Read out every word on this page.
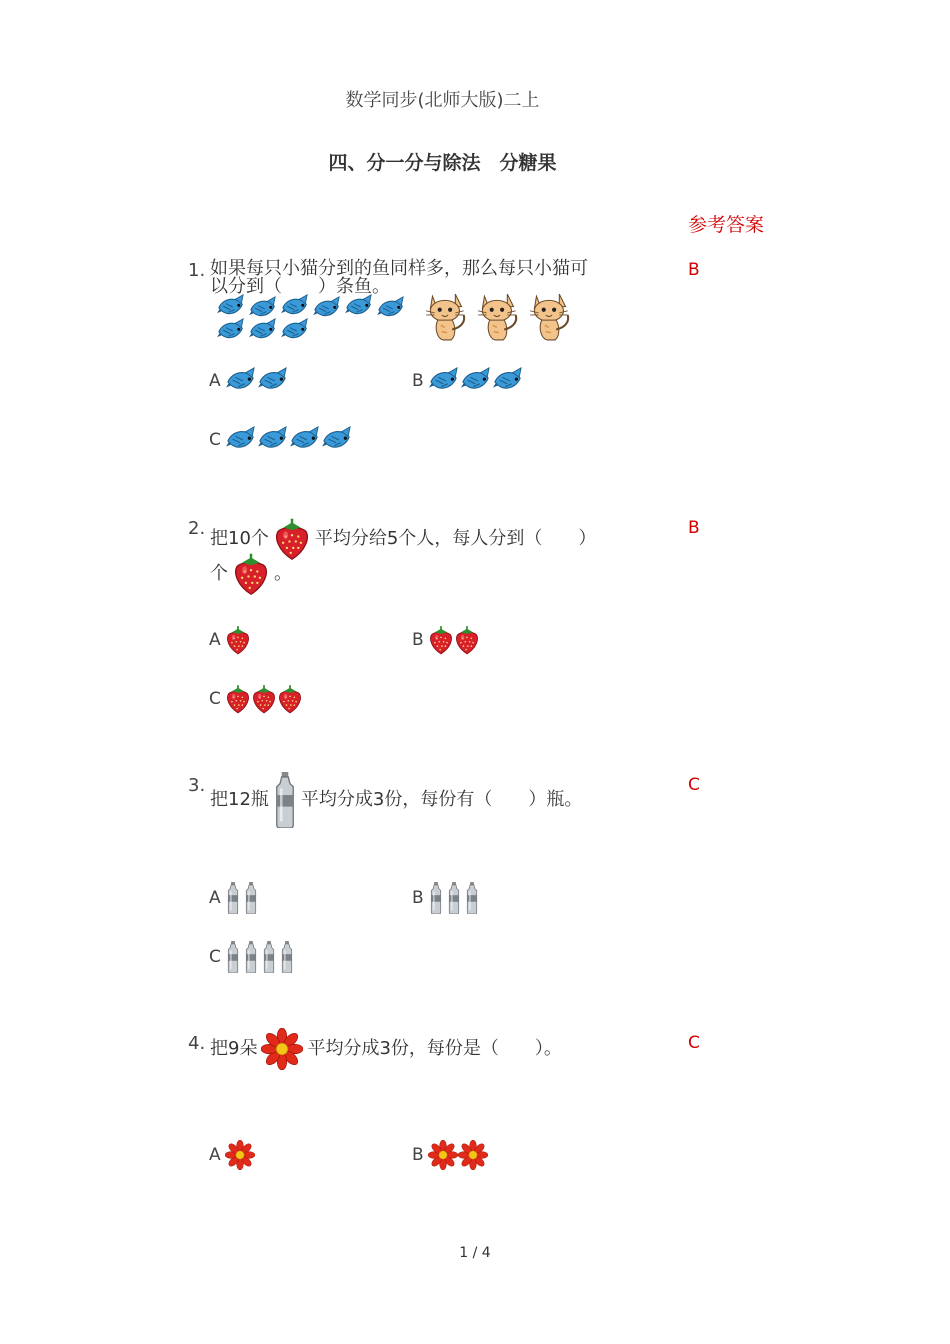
数学同步(北师大版)二上
四、分一分与除法　分糖果
参考答案
1. 如果每只小猫分到的鱼同样多，那么每只小猫可
以分到（　　）条鱼。
B
A	B
C
2. 把10个	平均分给5个人，每人分到（　　）
个	。
B
A	B
C
3.
把12瓶 平均分成3份，每份有（　　）瓶。
C
A	B
C
4. 把9朵	平均分成3份，每份是（　　）。	C
A	B
1 / 4
